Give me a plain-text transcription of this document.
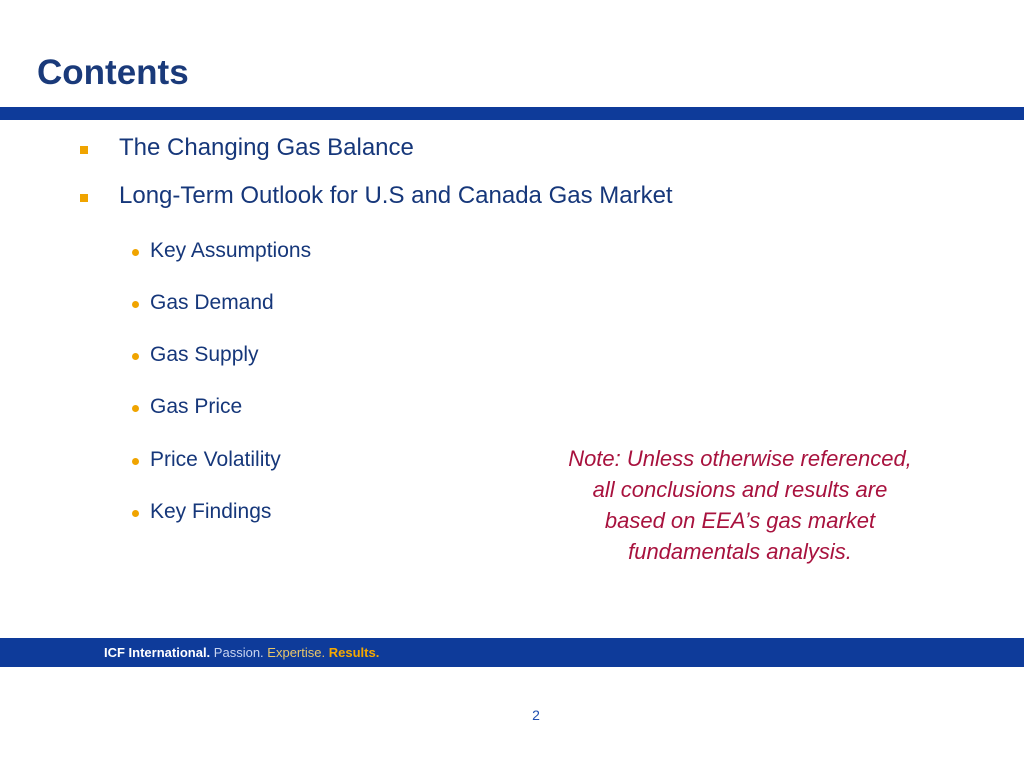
Contents
The Changing Gas Balance
Long-Term Outlook for U.S and Canada Gas Market
Key Assumptions
Gas Demand
Gas Supply
Gas Price
Price Volatility
Key Findings

Note: Unless otherwise referenced,
all conclusions and results are
based on EEA’s gas market
fundamentals analysis.

ICF International. Passion. Expertise. Results.
2
